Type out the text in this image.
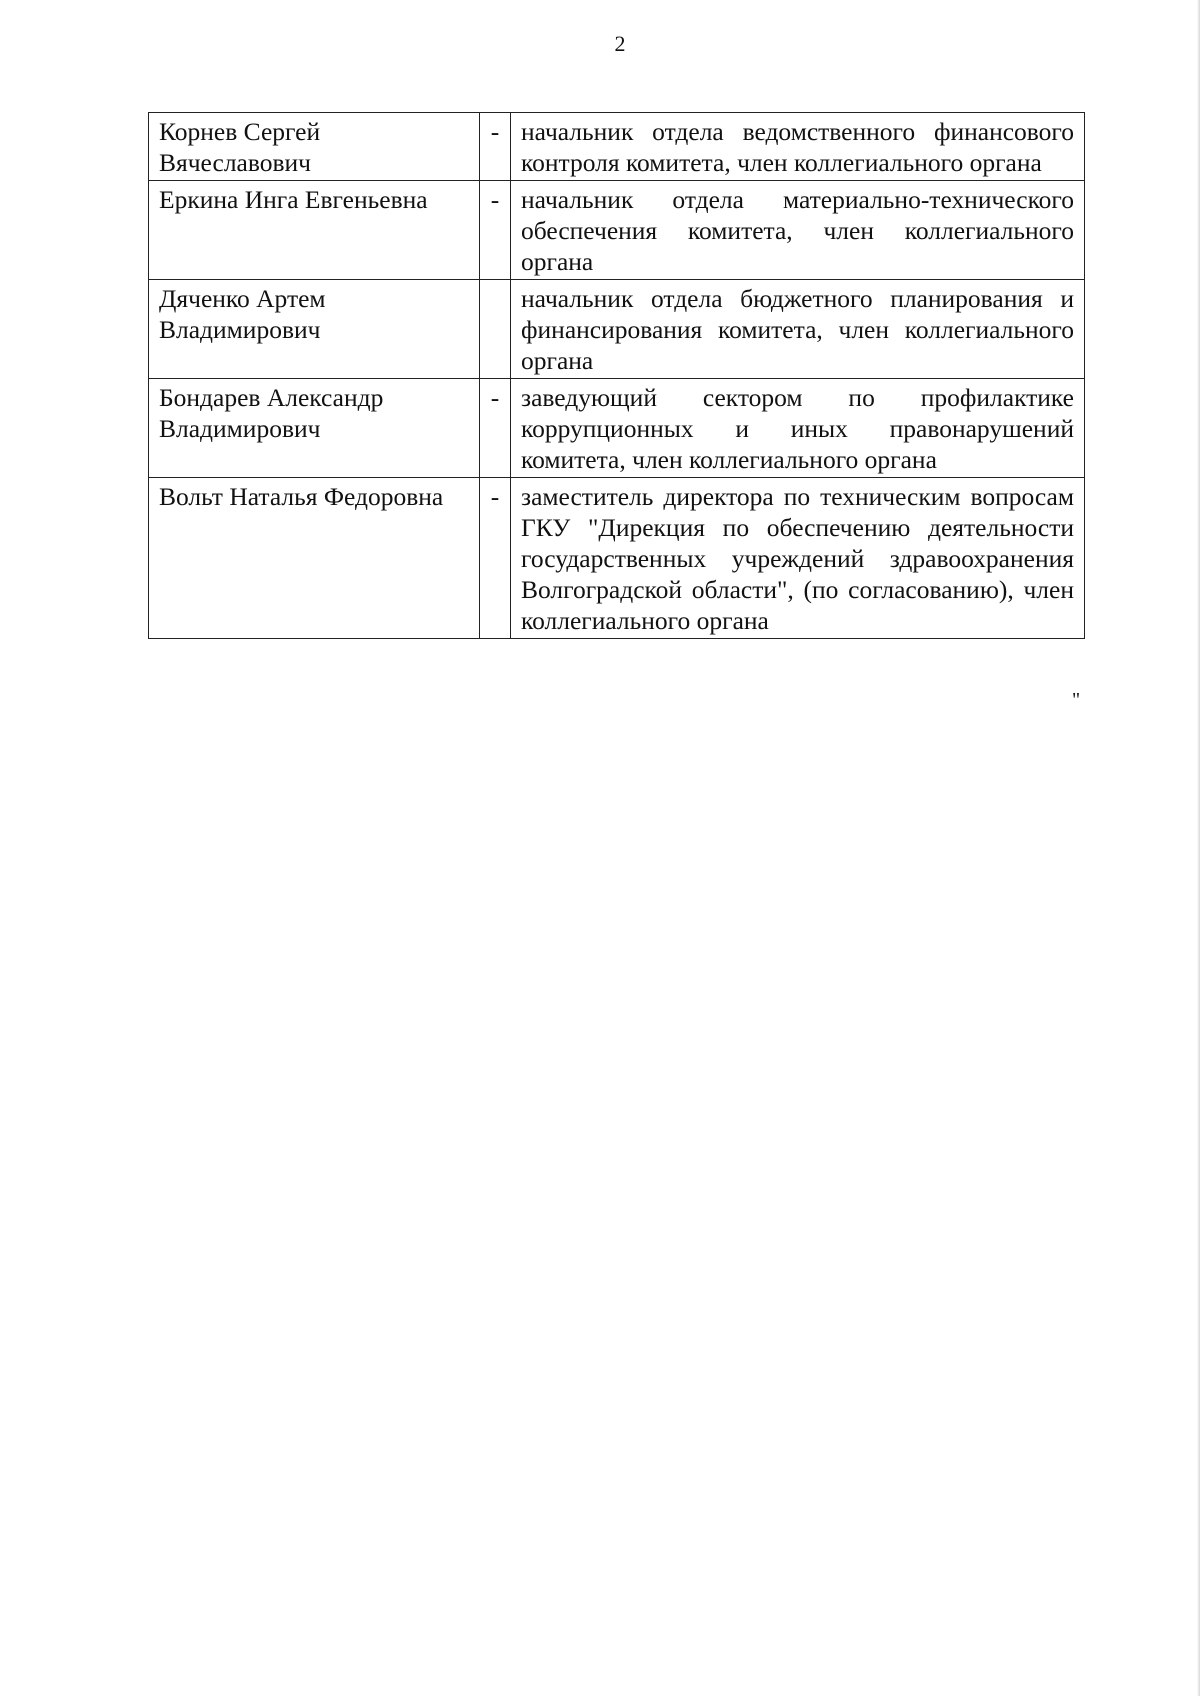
2
Корнев Сергей Вячеславович	-	начальник отдела ведомственного финансового контроля комитета, член коллегиального органа
Еркина Инга Евгеньевна	-	начальник отдела материально-технического обеспечения комитета, член коллегиального органа
Дяченко Артем Владимирович		начальник отдела бюджетного планирования и финансирования комитета, член коллегиального органа
Бондарев Александр Владимирович	-	заведующий сектором по профилактике коррупционных и иных правонарушений комитета, член коллегиального органа
Вольт Наталья Федоровна	-	заместитель директора по техническим вопросам ГКУ "Дирекция по обеспечению деятельности государственных учреждений здравоохранения Волгоградской области", (по согласованию), член коллегиального органа
"
